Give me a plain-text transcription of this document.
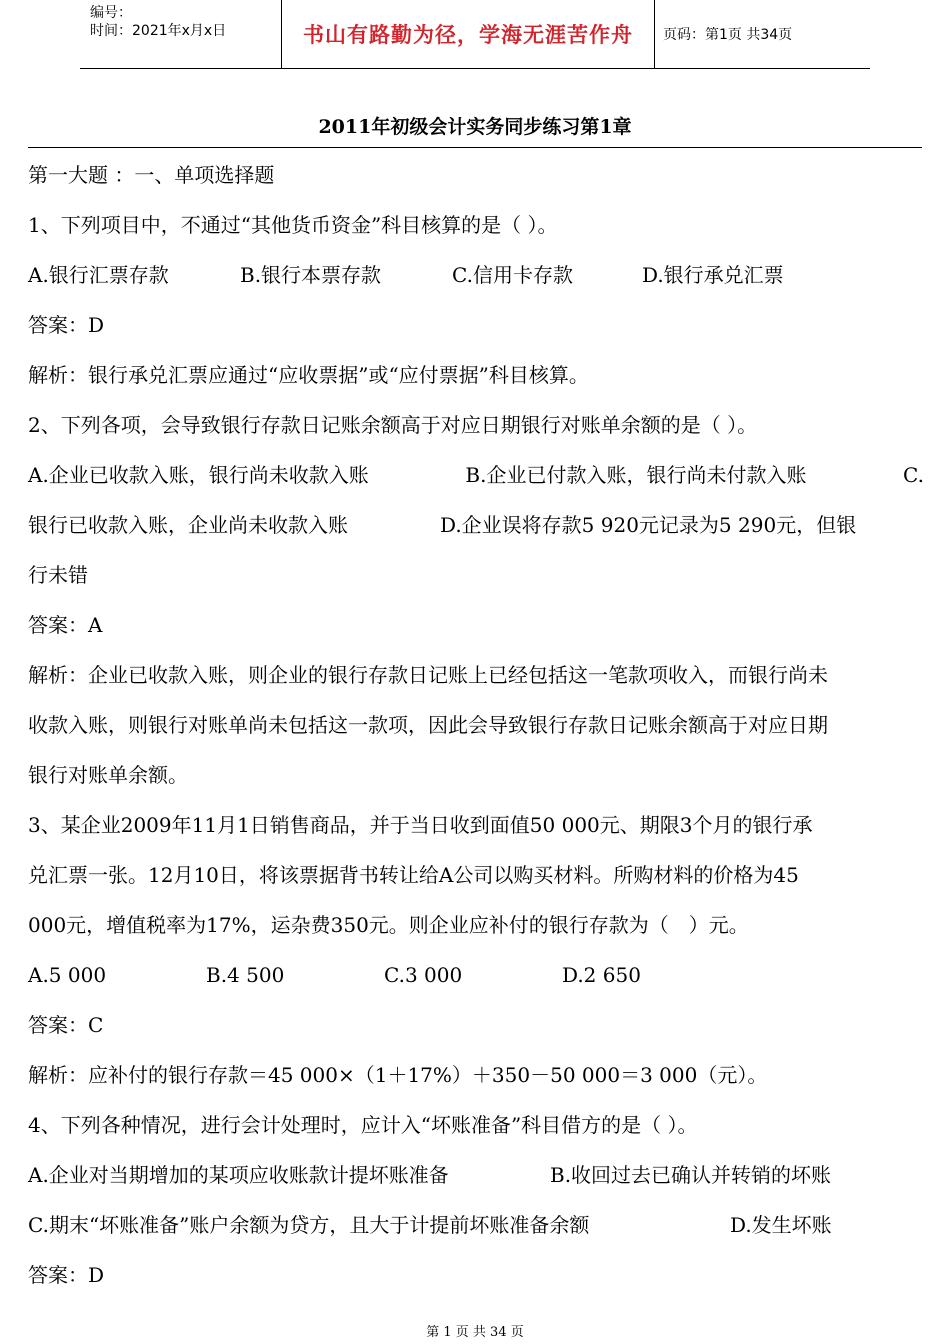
编号：
时间：2021年x月x日	书山有路勤为径，学海无涯苦作舟	页码：第1页 共34页
2011年初级会计实务同步练习第1章
第一大题 ：一、单项选择题
1、下列项目中，不通过“其他货币资金”科目核算的是（ ）。
A.银行汇票存款	B.银行本票存款	C.信用卡存款	D.银行承兑汇票
答案：D
解析：银行承兑汇票应通过“应收票据”或“应付票据”科目核算。
2、下列各项，会导致银行存款日记账余额高于对应日期银行对账单余额的是（ ）。
A.企业已收款入账，银行尚未收款入账	B.企业已付款入账，银行尚未付款入账	C.
银行已收款入账，企业尚未收款入账	D.企业误将存款5 920元记录为5 290元，但银
行未错
答案：A
解析：企业已收款入账，则企业的银行存款日记账上已经包括这一笔款项收入，而银行尚未
收款入账，则银行对账单尚未包括这一款项，因此会导致银行存款日记账余额高于对应日期
银行对账单余额。
3、某企业2009年11月1日销售商品，并于当日收到面值50 000元、期限3个月的银行承
兑汇票一张。12月10日，将该票据背书转让给A公司以购买材料。所购材料的价格为45
000元，增值税率为17%，运杂费350元。则企业应补付的银行存款为（　）元。
A.5 000	B.4 500	C.3 000	D.2 650
答案：C
解析：应补付的银行存款＝45 000×（1＋17%）＋350－50 000＝3 000（元）。
4、下列各种情况，进行会计处理时，应计入“坏账准备”科目借方的是（ ）。
A.企业对当期增加的某项应收账款计提坏账准备	B.收回过去已确认并转销的坏账
C.期末“坏账准备”账户余额为贷方，且大于计提前坏账准备余额	D.发生坏账
答案：D
第 1 页 共 34 页
